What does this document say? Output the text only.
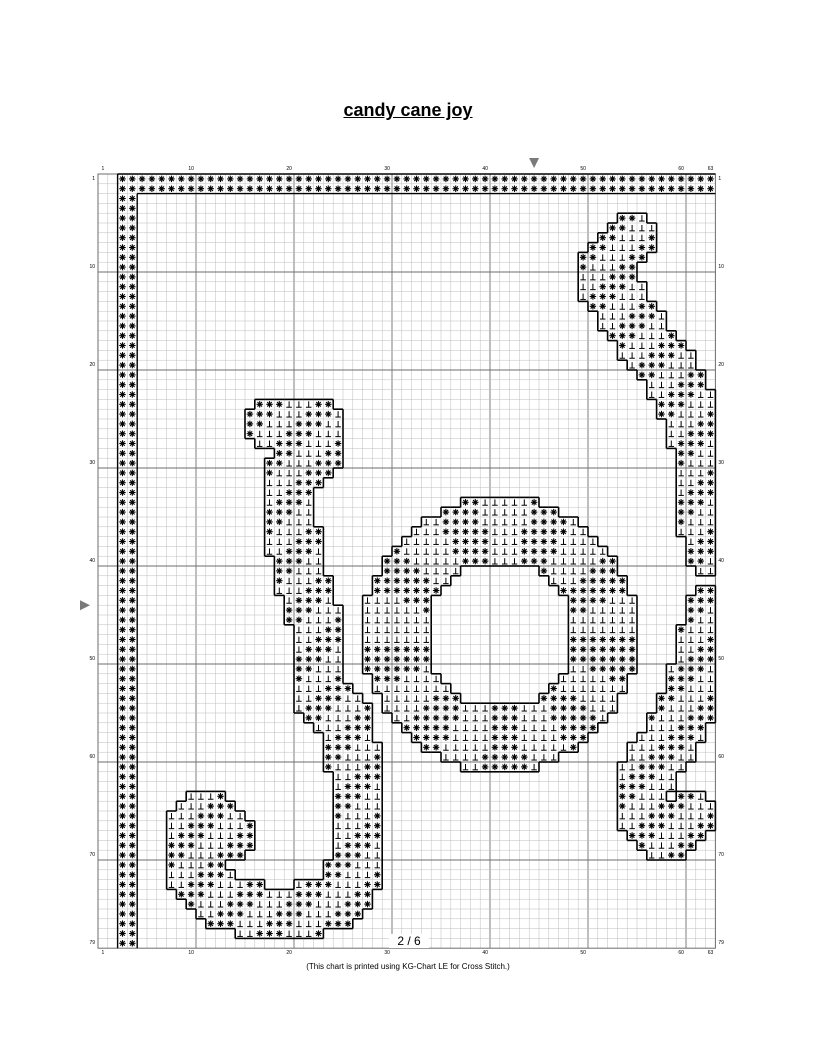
candy cane joy
1
1
10
10
20
20
30
30
40
40
50
50
60
60
63
63
1	1
10	10
20	20
30	30
40	40
50	50
60	60
70	70
79	79
2 / 6
(This chart is printed using KG-Chart LE for Cross Stitch.)
